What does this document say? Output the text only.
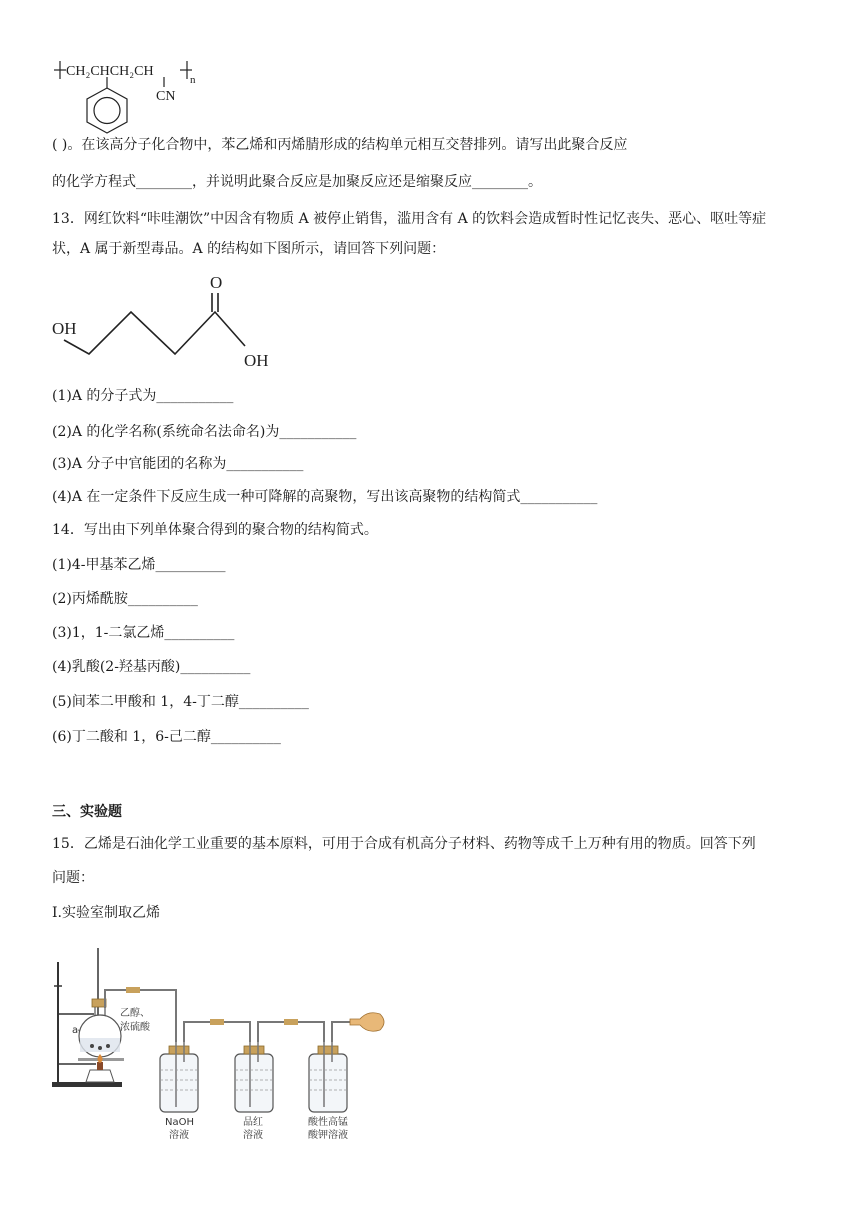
CH₂CHCH₂CH
n
CN
( )。在该高分子化合物中，苯乙烯和丙烯腈形成的结构单元相互交替排列。请写出此聚合反应
的化学方程式________，并说明此聚合反应是加聚反应还是缩聚反应________。
13．网红饮料“咔哇潮饮”中因含有物质 A 被停止销售，滥用含有 A 的饮料会造成暂时性记忆丧失、恶心、呕吐等症
状，A 属于新型毒品。A 的结构如下图所示，请回答下列问题：
OH
O
OH
(1)A 的分子式为___________
(2)A 的化学名称(系统命名法命名)为___________
(3)A 分子中官能团的名称为___________
(4)A 在一定条件下反应生成一种可降解的高聚物，写出该高聚物的结构简式___________
14．写出由下列单体聚合得到的聚合物的结构简式。
(1)4-甲基苯乙烯__________
(2)丙烯酰胺__________
(3)1，1-二氯乙烯__________
(4)乳酸(2-羟基丙酸)__________
(5)间苯二甲酸和 1，4-丁二醇__________
(6)丁二酸和 1，6-己二醇__________
三、实验题
15．乙烯是石油化学工业重要的基本原料，可用于合成有机高分子材料、药物等成千上万种有用的物质。回答下列
问题：
I.实验室制取乙烯
a
乙醇、
浓硫酸
NaOH
溶液
品红
溶液
酸性高锰
酸钾溶液
